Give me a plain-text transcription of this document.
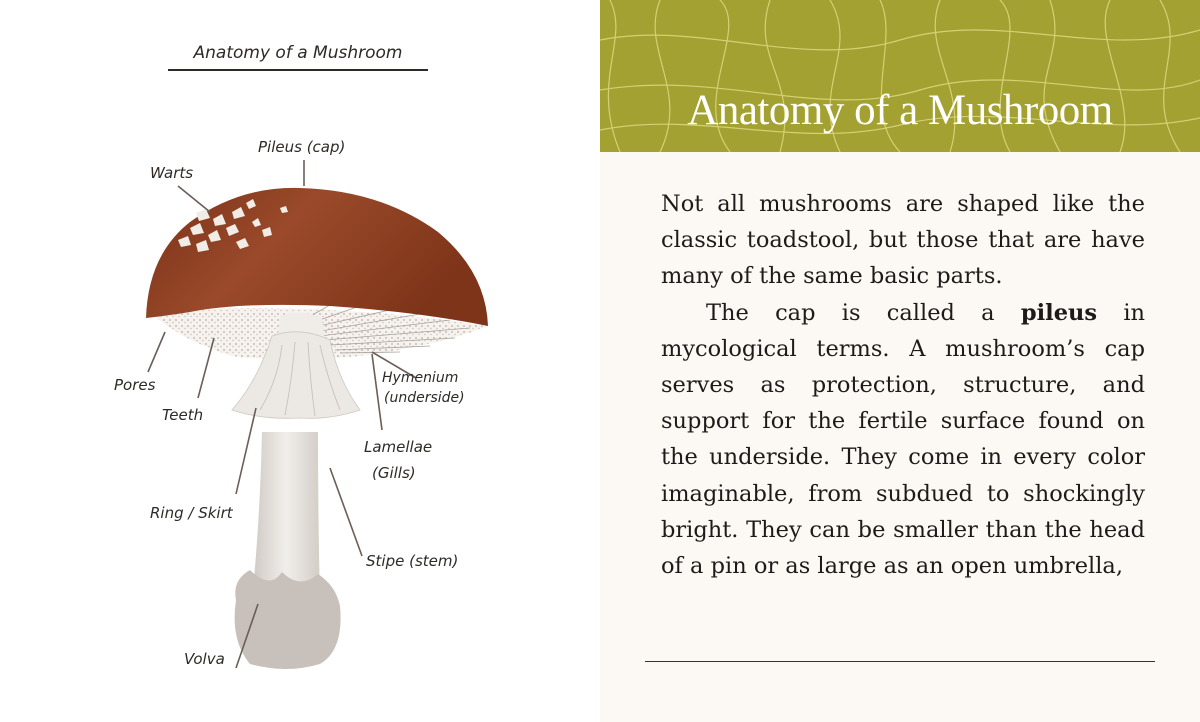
Anatomy of a Mushroom
Pileus (cap)
Warts
Pores
Teeth
Hymenium
(underside)
Lamellae
(Gills)
Ring / Skirt
Stipe (stem)
Volva
Anatomy of a Mushroom

Not all mushrooms are shaped like the classic toadstool, but those that are have many of the same basic parts.

The cap is called a pileus in mycological terms. A mushroom’s cap serves as protection, structure, and support for the fertile surface found on the underside. They come in every color imaginable, from subdued to shockingly bright. They can be smaller than the head of a pin or as large as an open umbrella,
